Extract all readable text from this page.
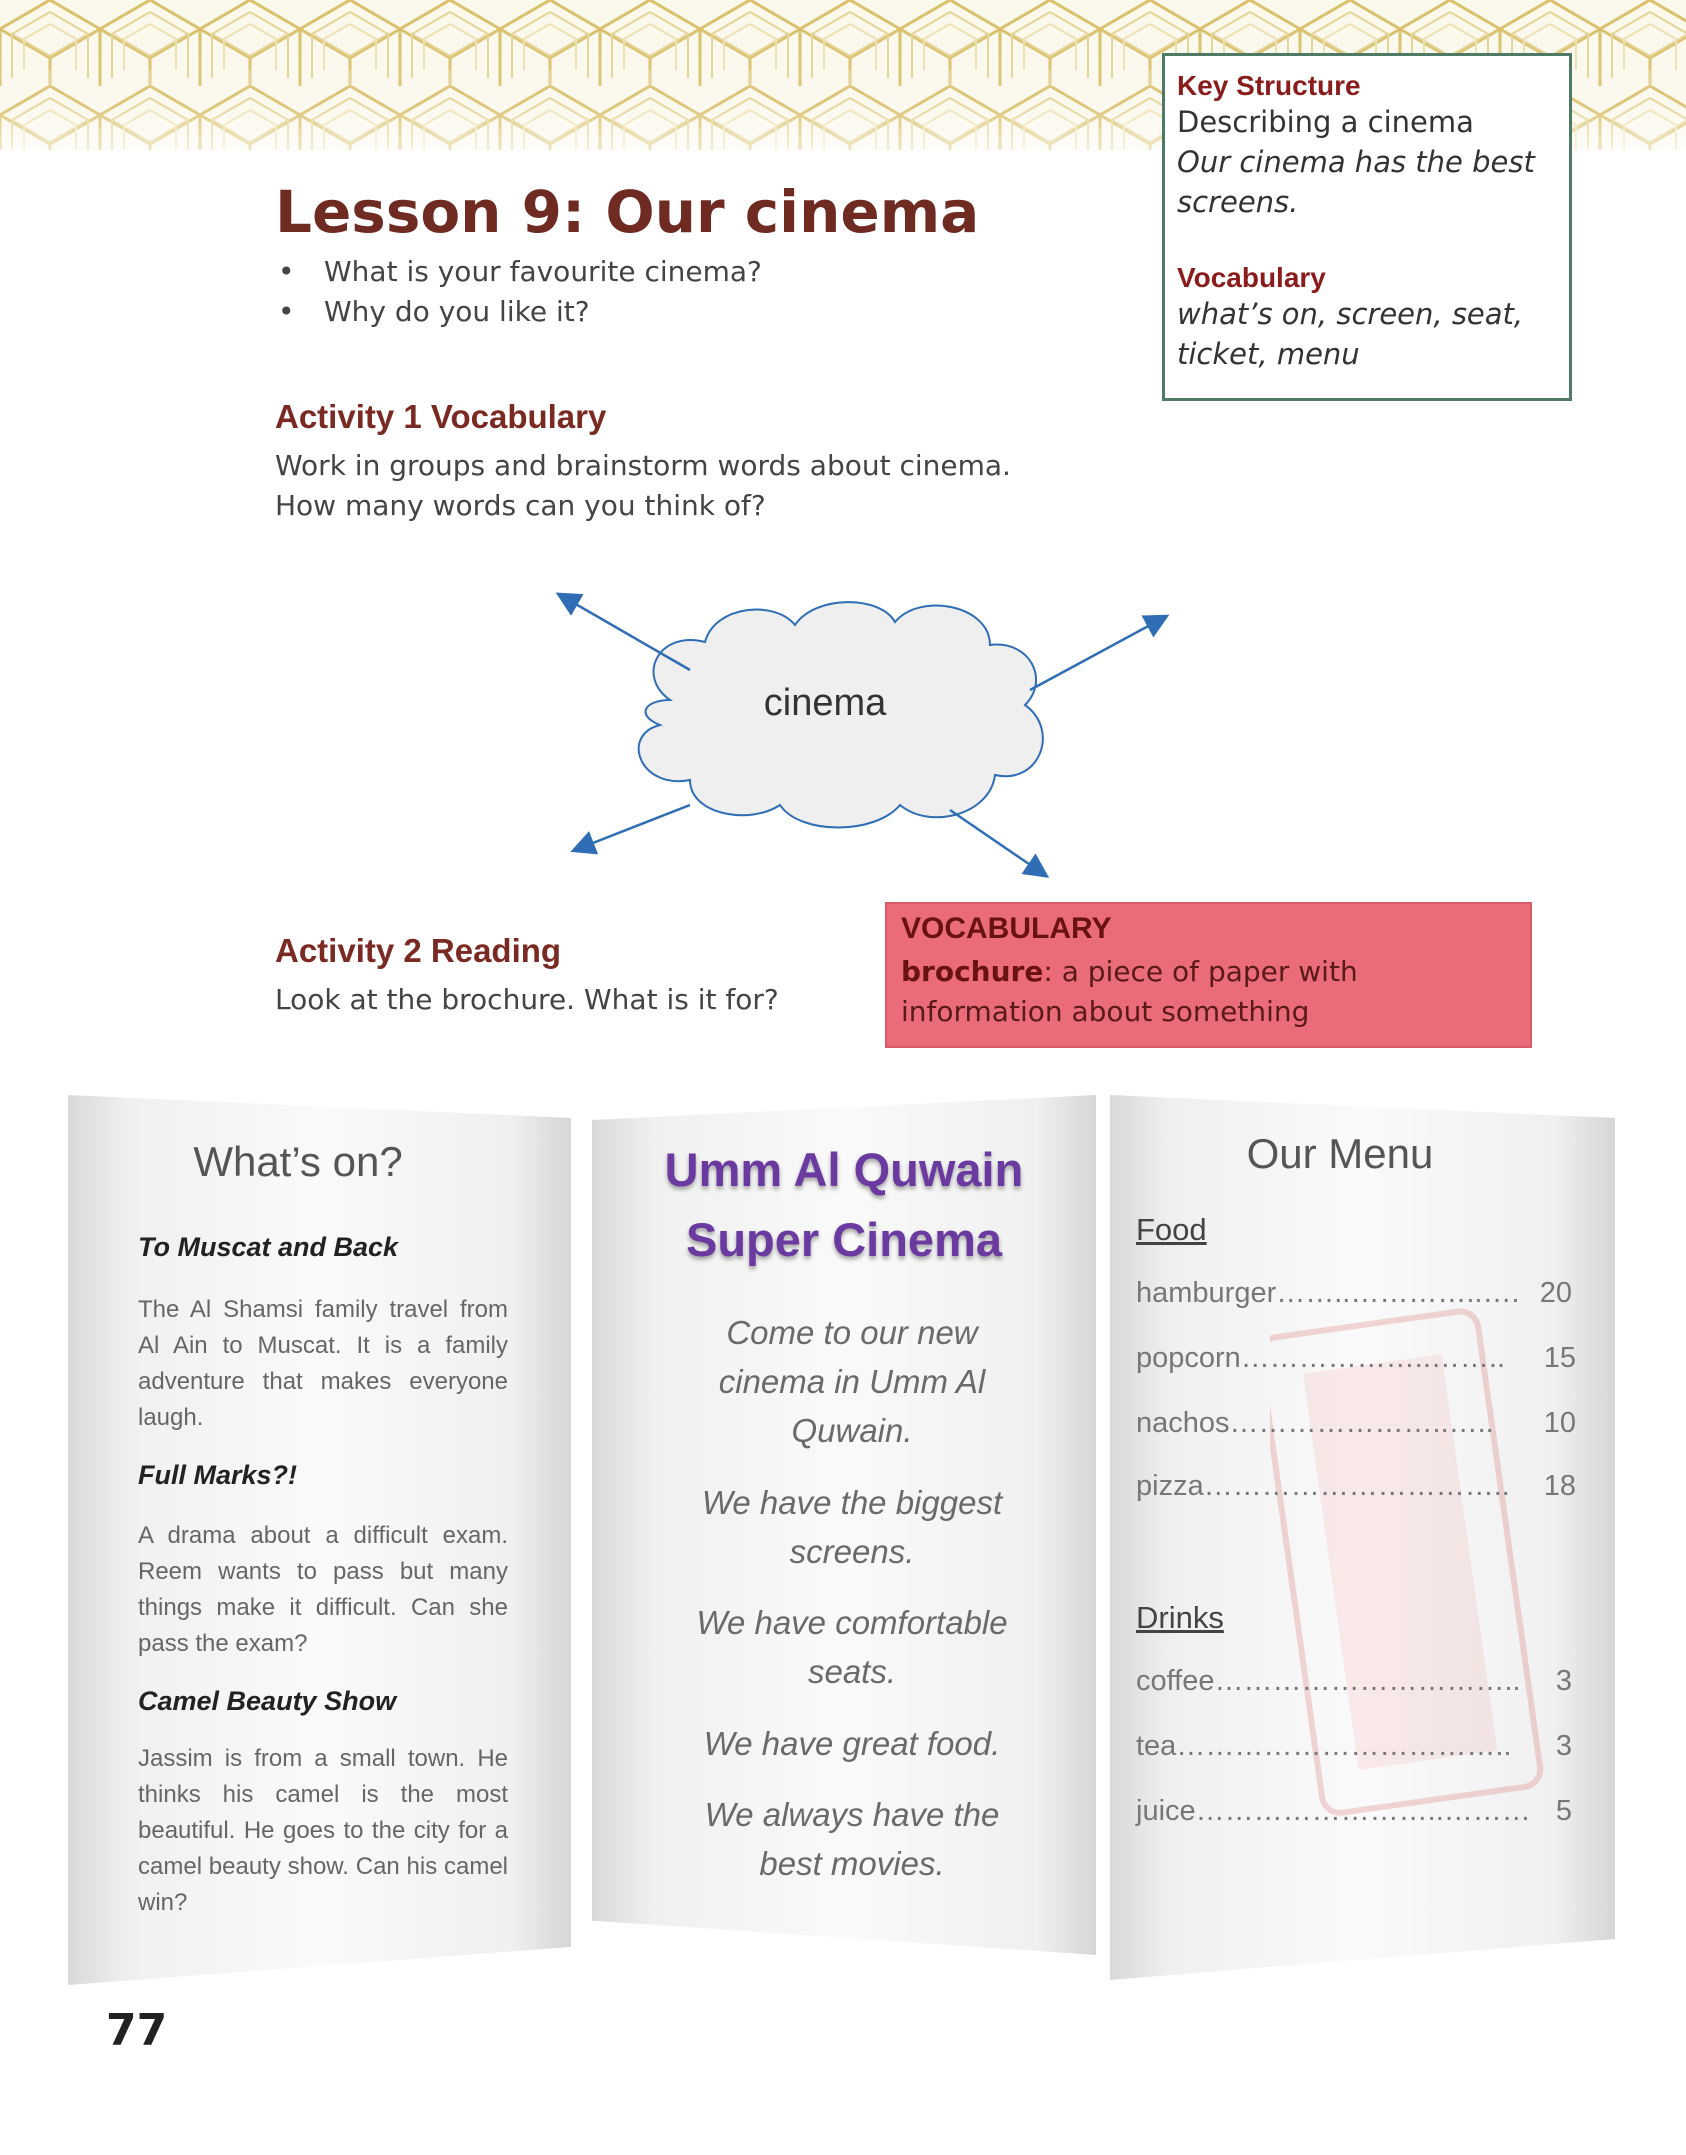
Key Structure

Describing a cinema

Our cinema has the best screens.

Vocabulary

what’s on, screen, seat, ticket, menu

Lesson 9: Our cinema
• What is your favourite cinema?
• Why do you like it?
Activity 1 Vocabulary

Work in groups and brainstorm words about cinema.

How many words can you think of?

cinema
Activity 2 Reading

Look at the brochure. What is it for?

VOCABULARY

brochure: a piece of paper with information about something

What’s on?

To Muscat and Back

The Al Shamsi family travel from Al Ain to Muscat. It is a family adventure that makes everyone laugh.

Full Marks?!

A drama about a difficult exam. Reem wants to pass but many things make it difficult. Can she pass the exam?

Camel Beauty Show

Jassim is from a small town. He thinks his camel is the most beautiful. He goes to the city for a camel beauty show. Can his camel win?

Umm Al Quwain

Super Cinema

Come to our new cinema in Umm Al Quwain.

We have the biggest screens.

We have comfortable seats.

We have great food.

We always have the best movies.

Our Menu

Food

hamburger……..…………..…. 20
popcorn………………..…….. 15
nachos…………………..….. 10
pizza………………………….. 18

Drinks

coffee………………………….. 3
tea…………………………….. 3
juice……………………..……… 5

77
